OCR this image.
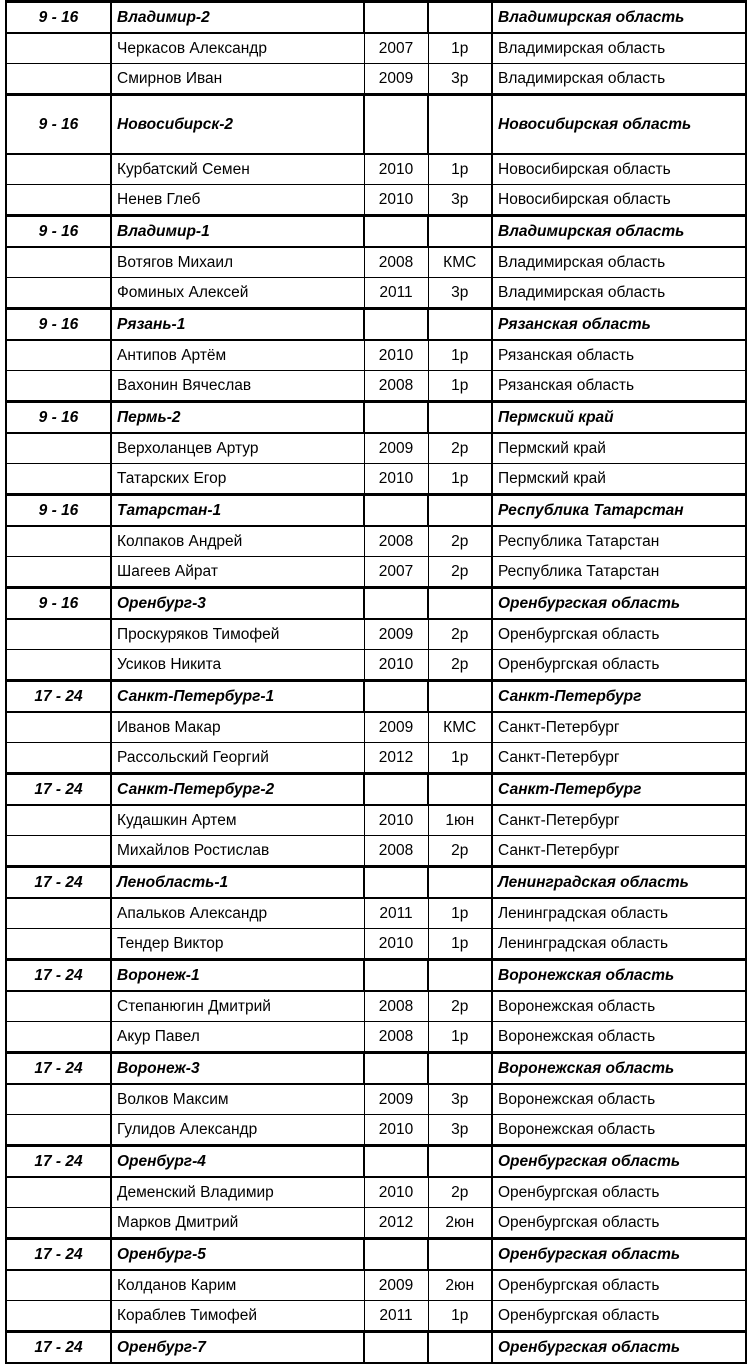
9 - 16	Владимир-2			Владимирская область
	Черкасов Александр	2007	1р	Владимирская область
	Смирнов Иван	2009	3р	Владимирская область
9 - 16	Новосибирск-2			Новосибирская область
	Курбатский Семен	2010	1р	Новосибирская область
	Ненев Глеб	2010	3р	Новосибирская область
9 - 16	Владимир-1			Владимирская область
	Вотягов Михаил	2008	КМС	Владимирская область
	Фоминых Алексей	2011	3р	Владимирская область
9 - 16	Рязань-1			Рязанская область
	Антипов Артём	2010	1р	Рязанская область
	Вахонин Вячеслав	2008	1р	Рязанская область
9 - 16	Пермь-2			Пермский край
	Верхоланцев Артур	2009	2р	Пермский край
	Татарских Егор	2010	1р	Пермский край
9 - 16	Татарстан-1			Республика Татарстан
	Колпаков Андрей	2008	2р	Республика Татарстан
	Шагеев Айрат	2007	2р	Республика Татарстан
9 - 16	Оренбург-3			Оренбургская область
	Проскуряков Тимофей	2009	2р	Оренбургская область
	Усиков Никита	2010	2р	Оренбургская область
17 - 24	Санкт-Петербург-1			Санкт-Петербург
	Иванов Макар	2009	КМС	Санкт-Петербург
	Рассольский Георгий	2012	1р	Санкт-Петербург
17 - 24	Санкт-Петербург-2			Санкт-Петербург
	Кудашкин Артем	2010	1юн	Санкт-Петербург
	Михайлов Ростислав	2008	2р	Санкт-Петербург
17 - 24	Ленобласть-1			Ленинградская область
	Апальков Александр	2011	1р	Ленинградская область
	Тендер Виктор	2010	1р	Ленинградская область
17 - 24	Воронеж-1			Воронежская область
	Степанюгин Дмитрий	2008	2р	Воронежская область
	Акур Павел	2008	1р	Воронежская область
17 - 24	Воронеж-3			Воронежская область
	Волков Максим	2009	3р	Воронежская область
	Гулидов Александр	2010	3р	Воронежская область
17 - 24	Оренбург-4			Оренбургская область
	Деменский Владимир	2010	2р	Оренбургская область
	Марков Дмитрий	2012	2юн	Оренбургская область
17 - 24	Оренбург-5			Оренбургская область
	Колданов Карим	2009	2юн	Оренбургская область
	Кораблев Тимофей	2011	1р	Оренбургская область
17 - 24	Оренбург-7			Оренбургская область
